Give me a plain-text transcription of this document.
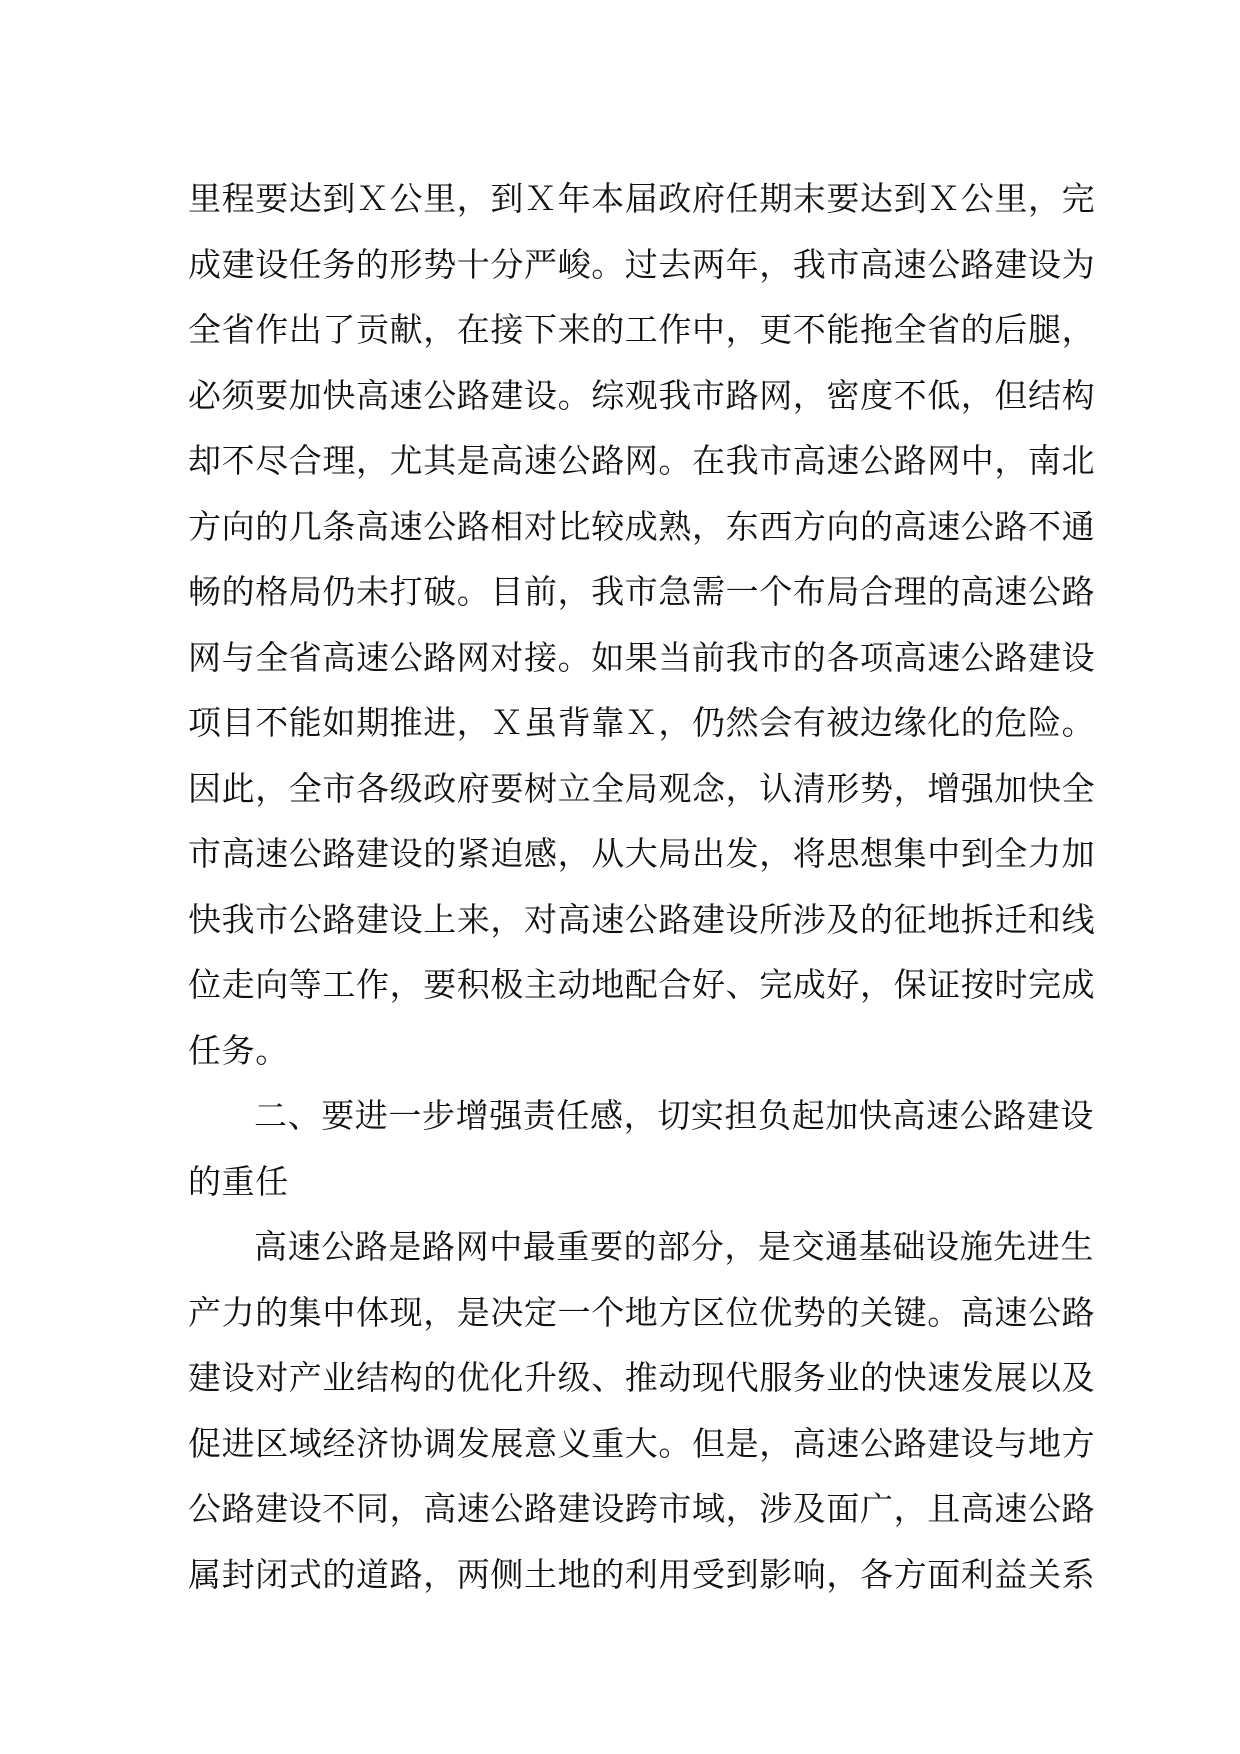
里程要达到Ｘ公里，到Ｘ年本届政府任期末要达到Ｘ公里，完
成建设任务的形势十分严峻。过去两年，我市高速公路建设为
全省作出了贡献，在接下来的工作中，更不能拖全省的后腿，
必须要加快高速公路建设。综观我市路网，密度不低，但结构
却不尽合理，尤其是高速公路网。在我市高速公路网中，南北
方向的几条高速公路相对比较成熟，东西方向的高速公路不通
畅的格局仍未打破。目前，我市急需一个布局合理的高速公路
网与全省高速公路网对接。如果当前我市的各项高速公路建设
项目不能如期推进，Ｘ虽背靠Ｘ，仍然会有被边缘化的危险。
因此，全市各级政府要树立全局观念，认清形势，增强加快全
市高速公路建设的紧迫感，从大局出发，将思想集中到全力加
快我市公路建设上来，对高速公路建设所涉及的征地拆迁和线
位走向等工作，要积极主动地配合好、完成好，保证按时完成
任务。
二、要进一步增强责任感，切实担负起加快高速公路建设
的重任
高速公路是路网中最重要的部分，是交通基础设施先进生
产力的集中体现，是决定一个地方区位优势的关键。高速公路
建设对产业结构的优化升级、推动现代服务业的快速发展以及
促进区域经济协调发展意义重大。但是，高速公路建设与地方
公路建设不同，高速公路建设跨市域，涉及面广，且高速公路
属封闭式的道路，两侧土地的利用受到影响，各方面利益关系
